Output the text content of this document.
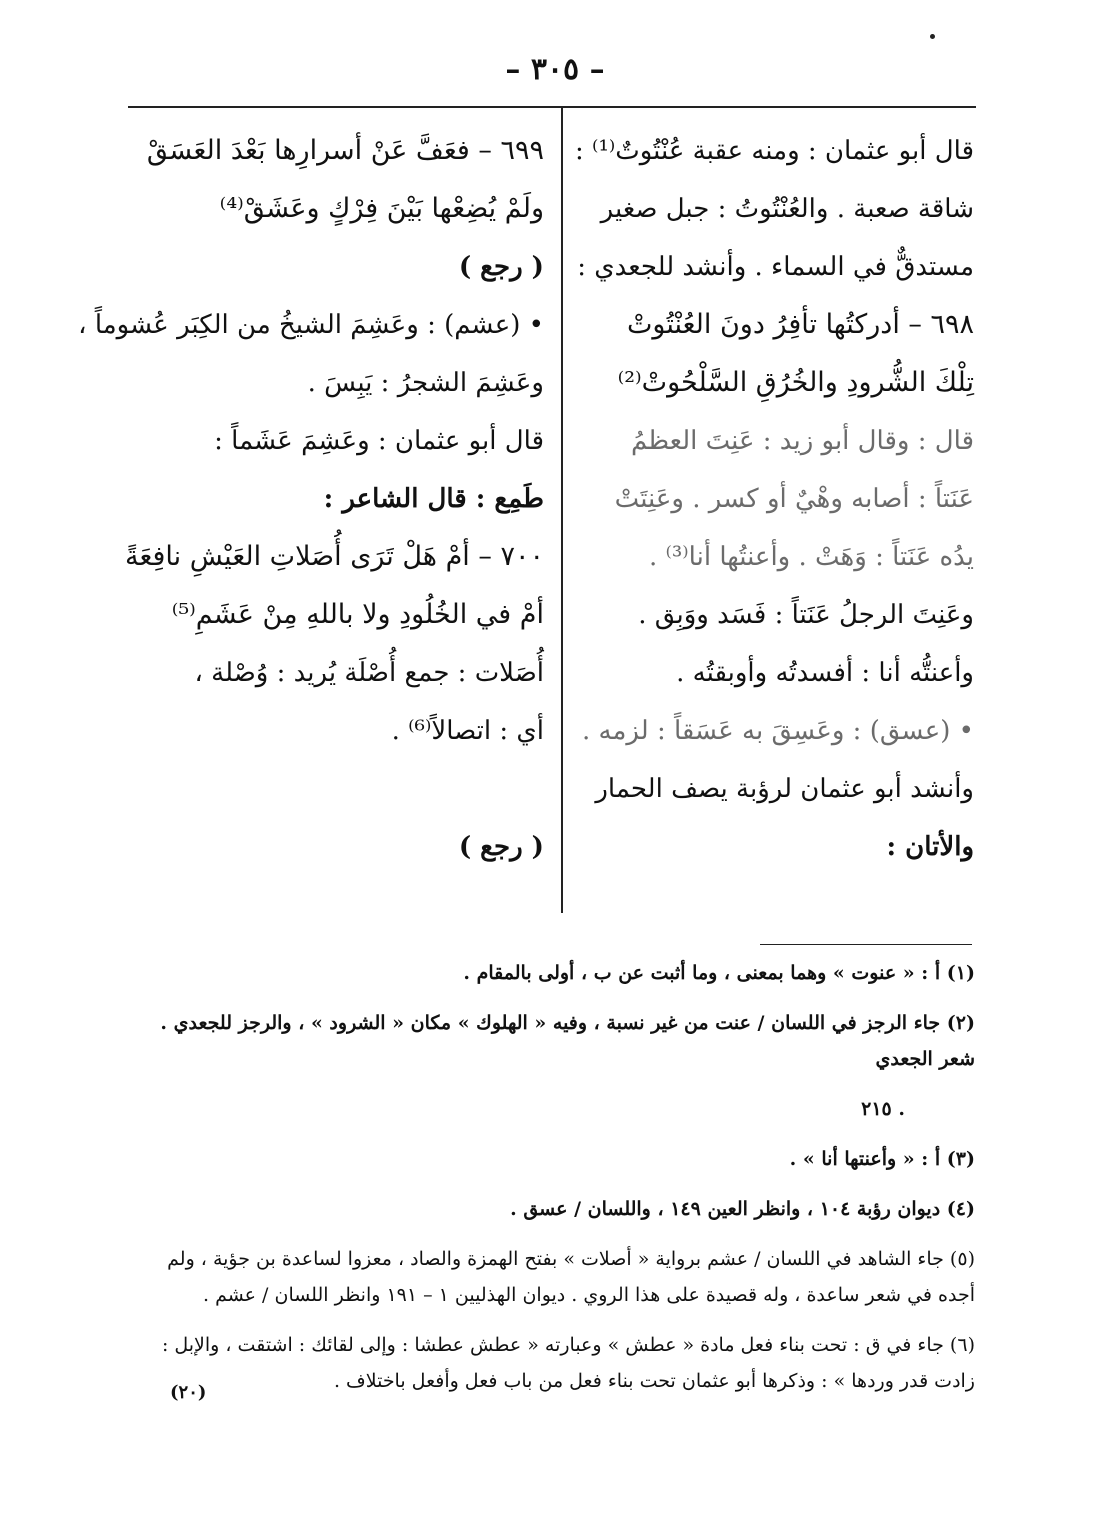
– ٣٠٥ –
قال أبو عثمان : ومنه عقبة عُنْتُوتٌ⁽¹⁾ :
شاقة صعبة . والعُنْتُوتُ : جبل صغير
مستدقٌّ في السماء . وأنشد للجعدي :
٦٩٨ – أدركتُها تأفِرُ دونَ العُنْتُوتْ
تِلْكَ الشُّرودِ والخُرُقِ السَّلْحُوتْ⁽²⁾
قال : وقال أبو زيد : عَنِتَ العظمُ
عَنَتاً : أصابه وهْيٌ أو كسر . وعَنِتَتْ
يدُه عَنَتاً : وَهَتْ . وأعنتُها أنا⁽³⁾ .
وعَنِتَ الرجلُ عَنَتاً : فَسَد ووَبِق .
وأعنتُّه أنا : أفسدتُه وأوبقتُه .
• (عسق) : وعَسِقَ به عَسَقاً : لزمه .
وأنشد أبو عثمان لرؤبة يصف الحمار
والأتان :
٦٩٩ – فعَفَّ عَنْ أسرارِها بَعْدَ العَسَقْ
ولَمْ يُضِعْها بَيْنَ فِرْكٍ وعَشَقْ⁽⁴⁾
( رجع )
• (عشم) : وعَشِمَ الشيخُ من الكِبَر عُشوماً ،
وعَشِمَ الشجرُ : يَبِسَ .
قال أبو عثمان : وعَشِمَ عَشَماً :
طَمِع : قال الشاعر :
٧٠٠ – أمْ هَلْ تَرَى أُصَلاتِ العَيْشِ نافِعَةً
أمْ في الخُلُودِ ولا باللهِ مِنْ عَشَمِ⁽⁵⁾
أُصَلات : جمع أُصْلَة يُريد : وُصْلة ،
أي : اتصالاً⁽⁶⁾ .
( رجع )
(١) أ : « عنوت » وهما بمعنى ، وما أثبت عن ب ، أولى بالمقام .
(٢) جاء الرجز في اللسان / عنت من غير نسبة ، وفيه « الهلوك » مكان « الشرود » ، والرجز للجعدي . شعر الجعدي
. ٢١٥
(٣) أ : « وأعنتها أنا » .
(٤) ديوان رؤبة ١٠٤ ، وانظر العين ١٤٩ ، واللسان / عسق .
(٥) جاء الشاهد في اللسان / عشم برواية « أصلات » بفتح الهمزة والصاد ، معزوا لساعدة بن جؤية ، ولم أجده في شعر ساعدة ، وله قصيدة على هذا الروي . ديوان الهذليين ١ – ١٩١ وانظر اللسان / عشم .
(٦) جاء في ق : تحت بناء فعل مادة « عطش » وعبارته « عطش عطشا : وإلى لقائك : اشتقت ، والإبل : زادت قدر وردها » : وذكرها أبو عثمان تحت بناء فعل من باب فعل وأفعل باختلاف .
(٢٠)
